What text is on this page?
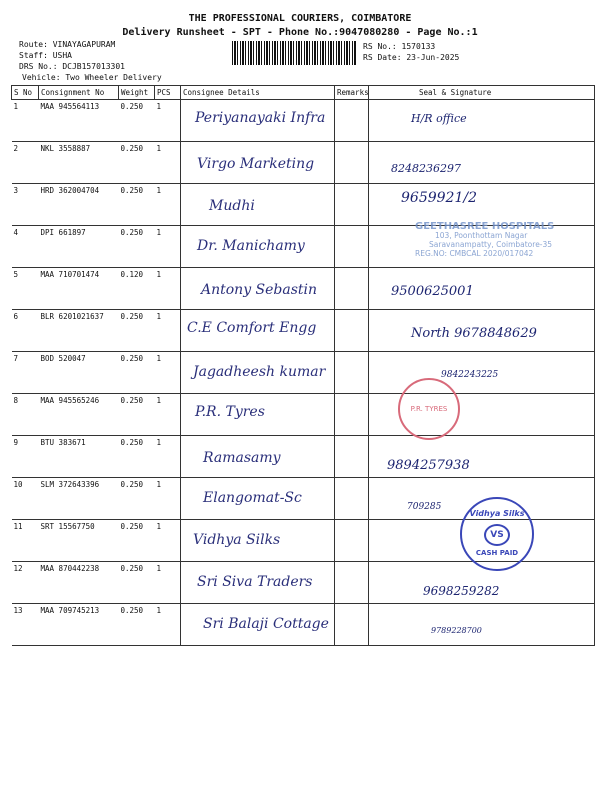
THE PROFESSIONAL COURIERS, COIMBATORE
Delivery Runsheet - SPT - Phone No.:9047080280 - Page No.:1
Route: VINAYAGAPURAM
Staff: USHA
DRS No.: DCJB157013301
Vehicle: Two Wheeler Delivery
RS No.: 1570133
RS Date: 23-Jun-2025
S No	Consignment No	Weight	PCS	Consignee Details	Remarks	Seal & Signature
1	MAA 945564113	0.250	1	Periyanayaki Infra		H/R office

2	NKL 3558887	0.250	1	Virgo Marketing		8248236297

3	HRD 362004704	0.250	1	Mudhi		9659921/2

4	DPI 661897	0.250	1	Dr. Manichamy		

5	MAA 710701474	0.120	1	Antony Sebastin		9500625001

6	BLR 6201021637	0.250	1	C.E Comfort Engg		North 9678848629

7	BOD 520047	0.250	1	Jagadheesh kumar		9842243225

8	MAA 945565246	0.250	1	P.R. Tyres		

9	BTU 383671	0.250	1	Ramasamy		9894257938

10	SLM 372643396	0.250	1	Elangomat-Sc		709285

11	SRT 15567750	0.250	1	Vidhya Silks		

12	MAA 870442238	0.250	1	Sri Siva Traders		9698259282

13	MAA 709745213	0.250	1	Sri Balaji Cottage		9789228700
GEETHASREE HOSPITALS
103, Poonthottam Nagar
Saravanampatty, Coimbatore-35
REG.NO: CMBCAL 2020/017042
P.R. TYRES
Vidhya Silks
VS
CASH PAID
